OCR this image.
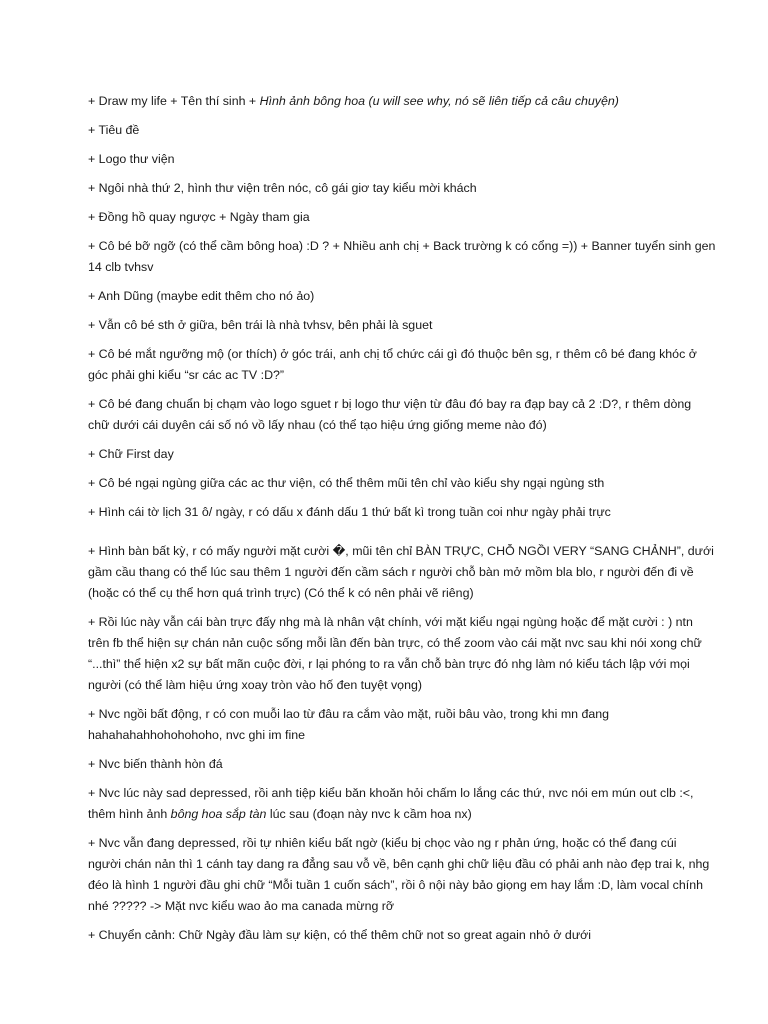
+ Draw my life + Tên thí sinh + Hình ảnh bông hoa (u will see why, nó sẽ liên tiếp cả câu chuyện)
+ Tiêu đề
+ Logo thư viện
+ Ngôi nhà thứ 2, hình thư viện trên nóc, cô gái giơ tay kiểu mời khách
+ Đồng hồ quay ngược + Ngày tham gia
+ Cô bé bỡ ngỡ (có thể cầm bông hoa) :D ? + Nhiều anh chị + Back trường k có cổng =)) + Banner tuyển sinh gen
14 clb tvhsv
+ Anh Dũng (maybe edit thêm cho nó ảo)
+ Vẫn cô bé sth ở giữa, bên trái là nhà tvhsv, bên phải là sguet
+ Cô bé mắt ngưỡng mộ (or thích) ở góc trái, anh chị tổ chức cái gì đó thuộc bên sg, r thêm cô bé đang khóc ở
góc phải ghi kiểu “sr các ac TV :D?”
+ Cô bé đang chuẩn bị chạm vào logo sguet r bị logo thư viện từ đâu đó bay ra đạp bay cả 2 :D?, r thêm dòng
chữ dưới cái duyên cái số nó vồ lấy nhau (có thể tạo hiệu ứng giống meme nào đó)
+ Chữ First day
+ Cô bé ngại ngùng giữa các ac thư viện, có thể thêm mũi tên chỉ vào kiểu shy ngại ngùng sth
+ Hình cái tờ lịch 31 ô/ ngày, r có dấu x đánh dấu 1 thứ bất kì trong tuần coi như ngày phải trực
+ Hình bàn bất kỳ, r có mấy người mặt cười �, mũi tên chỉ BÀN TRỰC, CHỖ NGỒI VERY “SANG CHẢNH”, dưới
gầm cầu thang có thể lúc sau thêm 1 người đến cầm sách r người chỗ bàn mở mồm bla blo, r người đến đi về
(hoặc có thể cụ thể hơn quá trình trực) (Có thể k có nên phải vẽ riêng)
+ Rồi lúc này vẫn cái bàn trực đấy nhg mà là nhân vật chính, với mặt kiểu ngại ngùng hoặc để mặt cười : ) ntn
trên fb thể hiện sự chán nản cuộc sống mỗi lần đến bàn trực, có thể zoom vào cái mặt nvc sau khi nói xong chữ
“...thì” thể hiện x2 sự bất mãn cuộc đời, r lại phóng to ra vẫn chỗ bàn trực đó nhg làm nó kiểu tách lập với mọi
người (có thể làm hiệu ứng xoay tròn vào hố đen tuyệt vọng)
+ Nvc ngồi bất động, r có con muỗi lao từ đâu ra cắm vào mặt, ruồi bâu vào, trong khi mn đang
hahahahahhohohohoho, nvc ghi im fine
+ Nvc biến thành hòn đá
+ Nvc lúc này sad depressed, rồi anh tiệp kiểu băn khoăn hỏi chấm lo lắng các thứ, nvc nói em mún out clb :<,
thêm hình ảnh bông hoa sắp tàn lúc sau (đoạn này nvc k cầm hoa nx)
+ Nvc vẫn đang depressed, rồi tự nhiên kiểu bất ngờ (kiểu bị chọc vào ng r phản ứng, hoặc có thể đang cúi
người chán nản thì 1 cánh tay dang ra đẳng sau vỗ về, bên cạnh ghi chữ liệu đầu có phải anh nào đẹp trai k, nhg
đéo là hình 1 người đầu ghi chữ “Mỗi tuần 1 cuốn sách”, rồi ô nội này bảo giọng em hay lắm :D, làm vocal chính
nhé ????? -> Mặt nvc kiểu wao ảo ma canada mừng rỡ
+ Chuyển cảnh: Chữ Ngày đầu làm sự kiện, có thể thêm chữ not so great again nhỏ ở dưới
